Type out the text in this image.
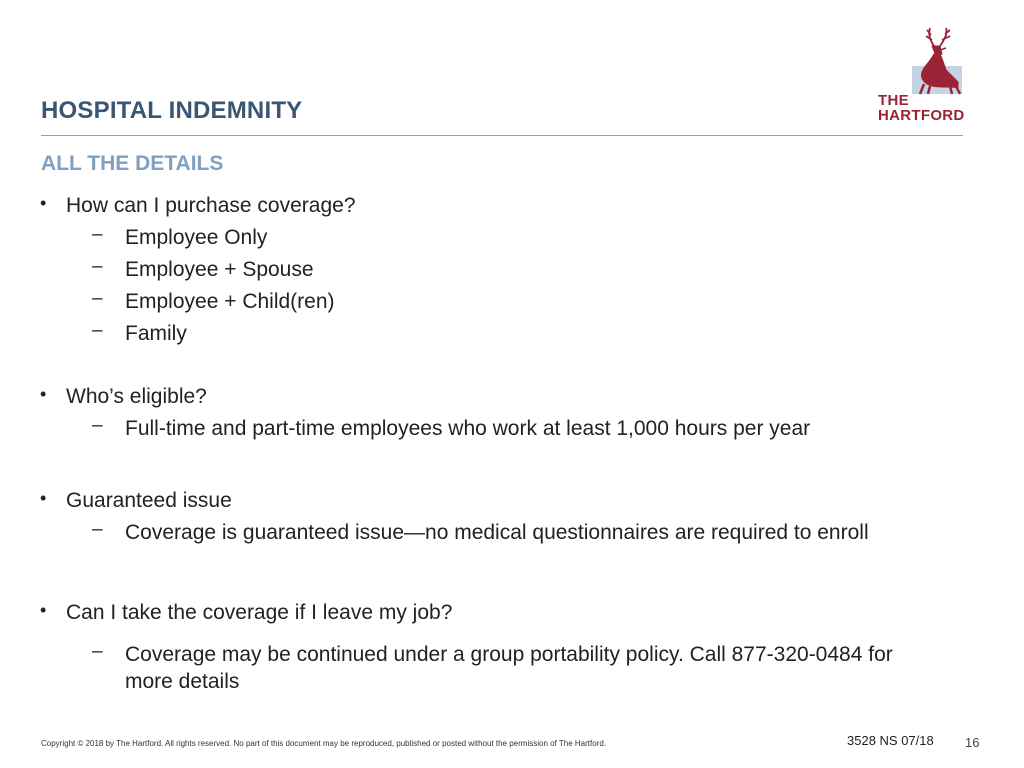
HOSPITAL INDEMNITY	THE
HARTFORD
ALL THE DETAILS
• How can I purchase coverage?
– Employee Only
– Employee + Spouse
– Employee + Child(ren)
– Family
• Who’s eligible?
– Full-time and part-time employees who work at least 1,000 hours per year
• Guaranteed issue
– Coverage is guaranteed issue—no medical questionnaires are required to enroll
• Can I take the coverage if I leave my job?
– Coverage may be continued under a group portability policy. Call 877-320-0484 for more details
Copyright © 2018 by The Hartford. All rights reserved. No part of this document may be reproduced, published or posted without the permission of The Hartford.	3528 NS 07/18 16
